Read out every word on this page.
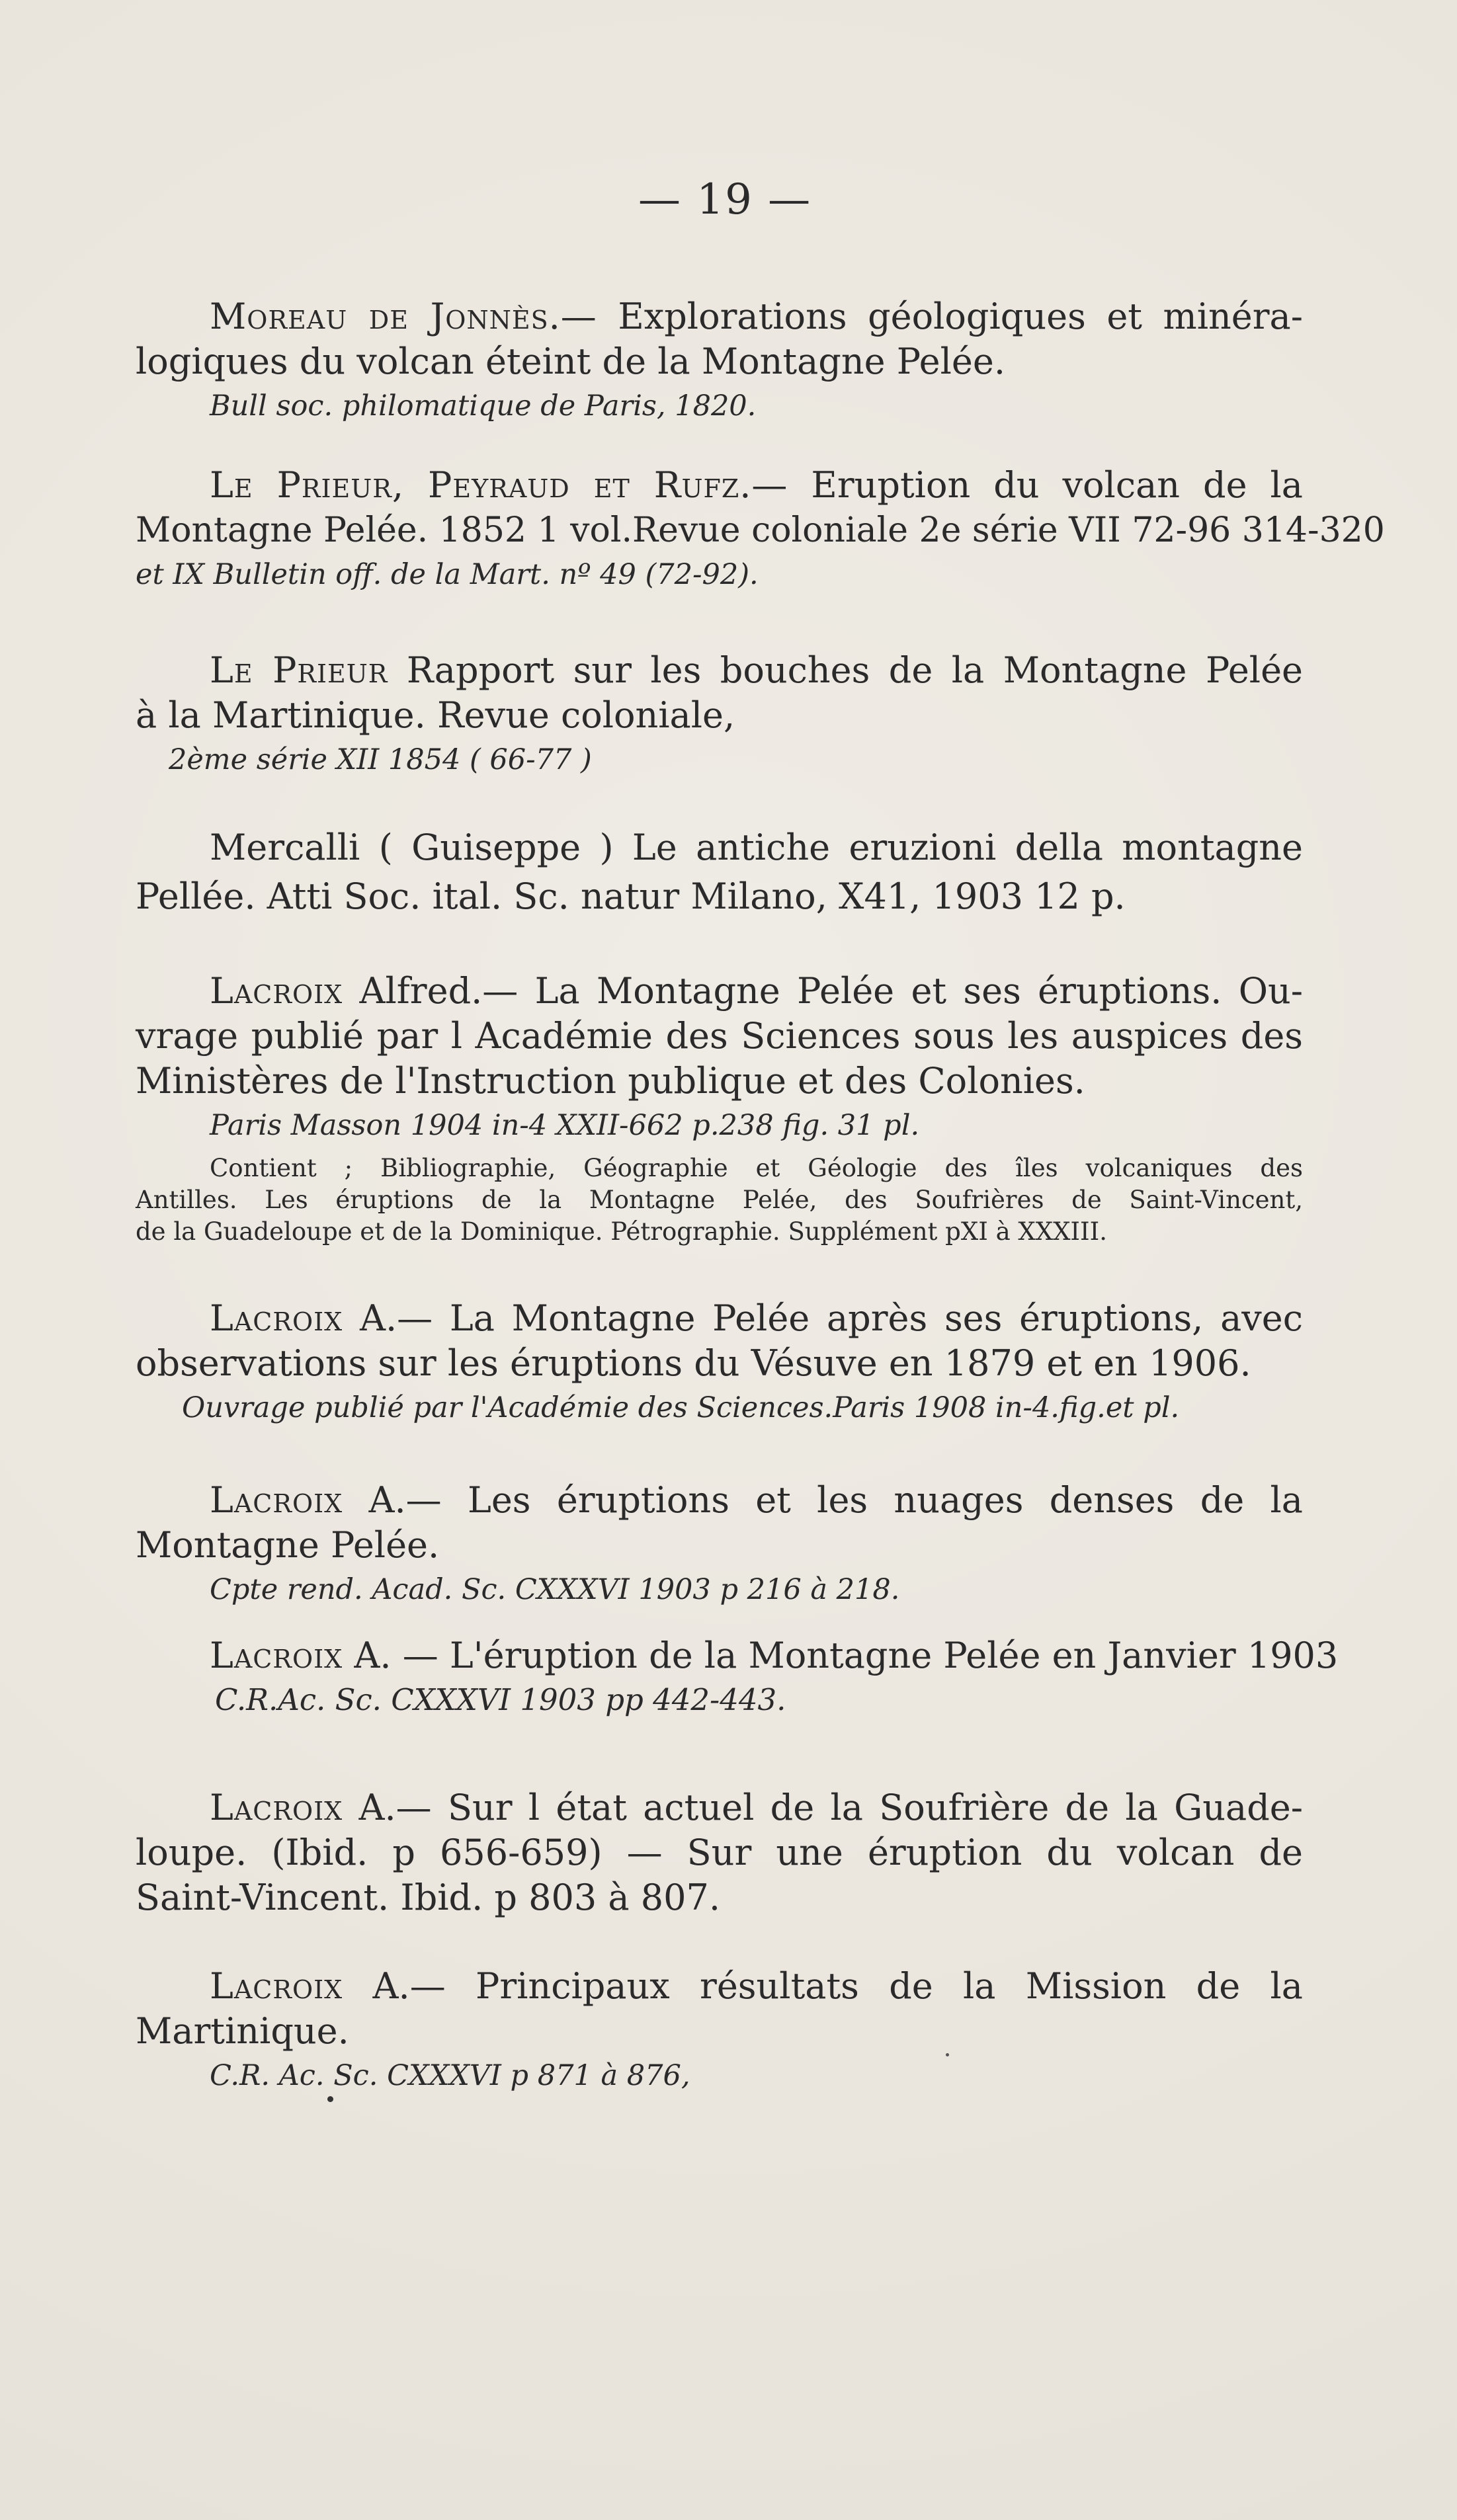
— 19 —
Moreau de Jonnès.— Explorations géologiques et minéra-
logiques du volcan éteint de la Montagne Pelée.
Bull soc. philomatique de Paris, 1820.
Le Prieur, Peyraud et Rufz.— Eruption du volcan de la
Montagne Pelée. 1852 1 vol.Revue coloniale 2e série VII 72-96 314-320
et IX Bulletin off. de la Mart. nº 49 (72-92).
Le Prieur Rapport sur les bouches de la Montagne Pelée
à la Martinique. Revue coloniale,
2ème série XII 1854 ( 66-77 )
Mercalli ( Guiseppe ) Le antiche eruzioni della montagne
Pellée. Atti Soc. ital. Sc. natur Milano, X41, 1903 12 p.
Lacroix Alfred.— La Montagne Pelée et ses éruptions. Ou-
vrage publié par l Académie des Sciences sous les auspices des
Ministères de l'Instruction publique et des Colonies.
Paris Masson 1904 in-4 XXII-662 p.238 fig. 31 pl.
Contient ; Bibliographie, Géographie et Géologie des îles volcaniques des
Antilles. Les éruptions de la Montagne Pelée, des Soufrières de Saint-Vincent,
de la Guadeloupe et de la Dominique. Pétrographie. Supplément pXI à XXXIII.
Lacroix A.— La Montagne Pelée après ses éruptions, avec
observations sur les éruptions du Vésuve en 1879 et en 1906.
Ouvrage publié par l'Académie des Sciences.Paris 1908 in-4.fig.et pl.
Lacroix A.— Les éruptions et les nuages denses de la
Montagne Pelée.
Cpte rend. Acad. Sc. CXXXVI 1903 p 216 à 218.
Lacroix A. — L'éruption de la Montagne Pelée en Janvier 1903
C.R.Ac. Sc. CXXXVI 1903 pp 442-443.
Lacroix A.— Sur l état actuel de la Soufrière de la Guade-
loupe. (Ibid. p 656-659) — Sur une éruption du volcan de
Saint-Vincent. Ibid. p 803 à 807.
Lacroix A.— Principaux résultats de la Mission de la
Martinique.
C.R. Ac. Sc. CXXXVI p 871 à 876,
